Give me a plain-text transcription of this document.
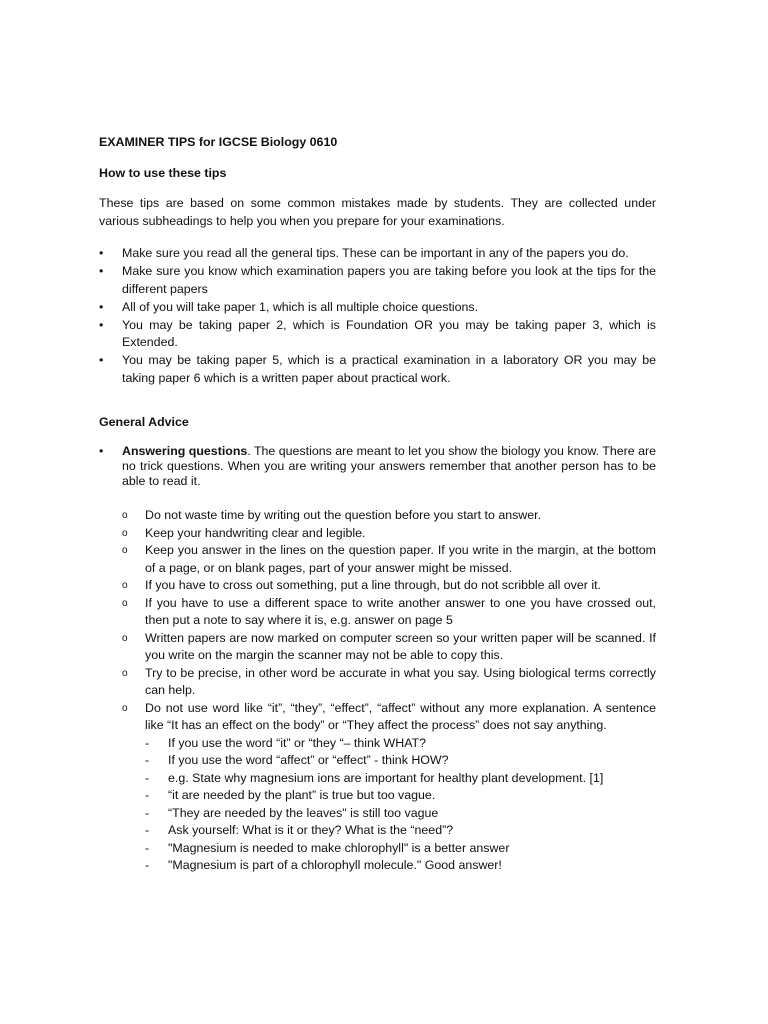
EXAMINER TIPS for IGCSE Biology 0610
How to use these tips
These tips are based on some common mistakes made by students. They are collected under various subheadings to help you when you prepare for your examinations.
• Make sure you read all the general tips. These can be important in any of the papers you do.
• Make sure you know which examination papers you are taking before you look at the tips for the different papers
• All of you will take paper 1, which is all multiple choice questions.
• You may be taking paper 2, which is Foundation OR you may be taking paper 3, which is Extended.
• You may be taking paper 5, which is a practical examination in a laboratory OR you may be taking paper 6 which is a written paper about practical work.
General Advice
• Answering questions. The questions are meant to let you show the biology you know. There are no trick questions. When you are writing your answers remember that another person has to be able to read it.
o Do not waste time by writing out the question before you start to answer.
o Keep your handwriting clear and legible.
o Keep you answer in the lines on the question paper. If you write in the margin, at the bottom of a page, or on blank pages, part of your answer might be missed.
o If you have to cross out something, put a line through, but do not scribble all over it.
o If you have to use a different space to write another answer to one you have crossed out, then put a note to say where it is, e.g. answer on page 5
o Written papers are now marked on computer screen so your written paper will be scanned. If you write on the margin the scanner may not be able to copy this.
o Try to be precise, in other word be accurate in what you say. Using biological terms correctly can help.
o Do not use word like “it”, “they”, “effect”, “affect” without any more explanation. A sentence like “It has an effect on the body” or “They affect the process” does not say anything.
- If you use the word “it” or “they “– think WHAT?
- If you use the word “affect” or “effect” - think HOW?
- e.g. State why magnesium ions are important for healthy plant development. [1]
- “it are needed by the plant” is true but too vague.
- “They are needed by the leaves" is still too vague
- Ask yourself: What is it or they? What is the “need”?
- "Magnesium is needed to make chlorophyll" is a better answer
- "Magnesium is part of a chlorophyll molecule." Good answer!
